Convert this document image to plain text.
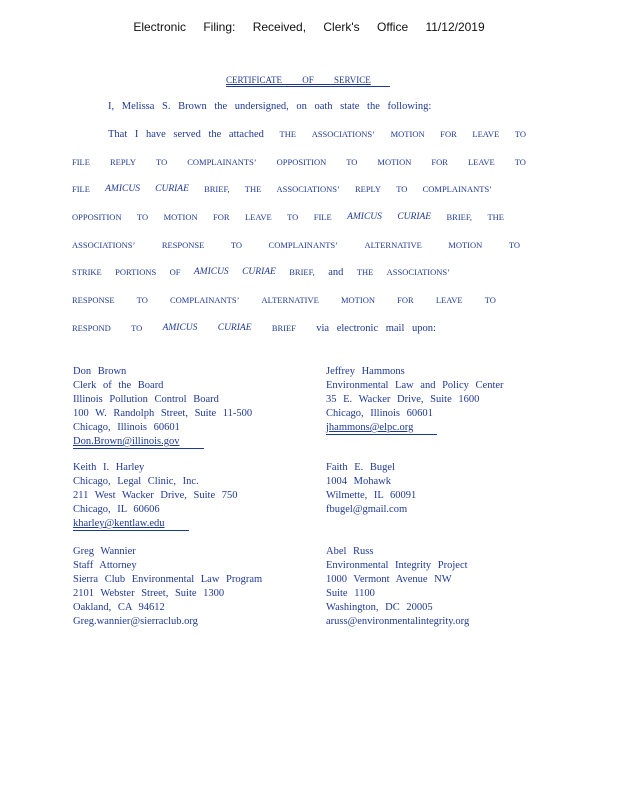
Electronic Filing: Received, Clerk's Office 11/12/2019
CERTIFICATE OF SERVICE
I, Melissa S. Brown the undersigned, on oath state the following:
That I have served the attached THE ASSOCIATIONS’ MOTION FOR LEAVE TO
FILE REPLY TO COMPLAINANTS’ OPPOSITION TO MOTION FOR LEAVE TO
FILE AMICUS CURIAE BRIEF, THE ASSOCIATIONS’ REPLY TO COMPLAINANTS’
OPPOSITION TO MOTION FOR LEAVE TO FILE AMICUS CURIAE BRIEF, THE
ASSOCIATIONS’	RESPONSE	TO	COMPLAINANTS’	ALTERNATIVE	MOTION	TO
STRIKE PORTIONS OF AMICUS CURIAE BRIEF, and THE ASSOCIATIONS’
RESPONSE	TO	COMPLAINANTS’	ALTERNATIVE	MOTION	FOR	LEAVE	TO
RESPOND TO AMICUS CURIAE BRIEF via electronic mail upon:
Don Brown
Clerk of the Board
Illinois Pollution Control Board
100 W. Randolph Street, Suite 11-500
Chicago, Illinois 60601
Don.Brown@illinois.gov
Jeffrey Hammons
Environmental Law and Policy Center
35 E. Wacker Drive, Suite 1600
Chicago, Illinois 60601
jhammons@elpc.org
Keith I. Harley
Chicago, Legal Clinic, Inc.
211 West Wacker Drive, Suite 750
Chicago, IL 60606
kharley@kentlaw.edu
Faith E. Bugel
1004 Mohawk
Wilmette, IL 60091
fbugel@gmail.com
Greg Wannier
Staff Attorney
Sierra Club Environmental Law Program
2101 Webster Street, Suite 1300
Oakland, CA 94612
Greg.wannier@sierraclub.org
Abel Russ
Environmental Integrity Project
1000 Vermont Avenue NW
Suite 1100
Washington, DC 20005
aruss@environmentalintegrity.org
